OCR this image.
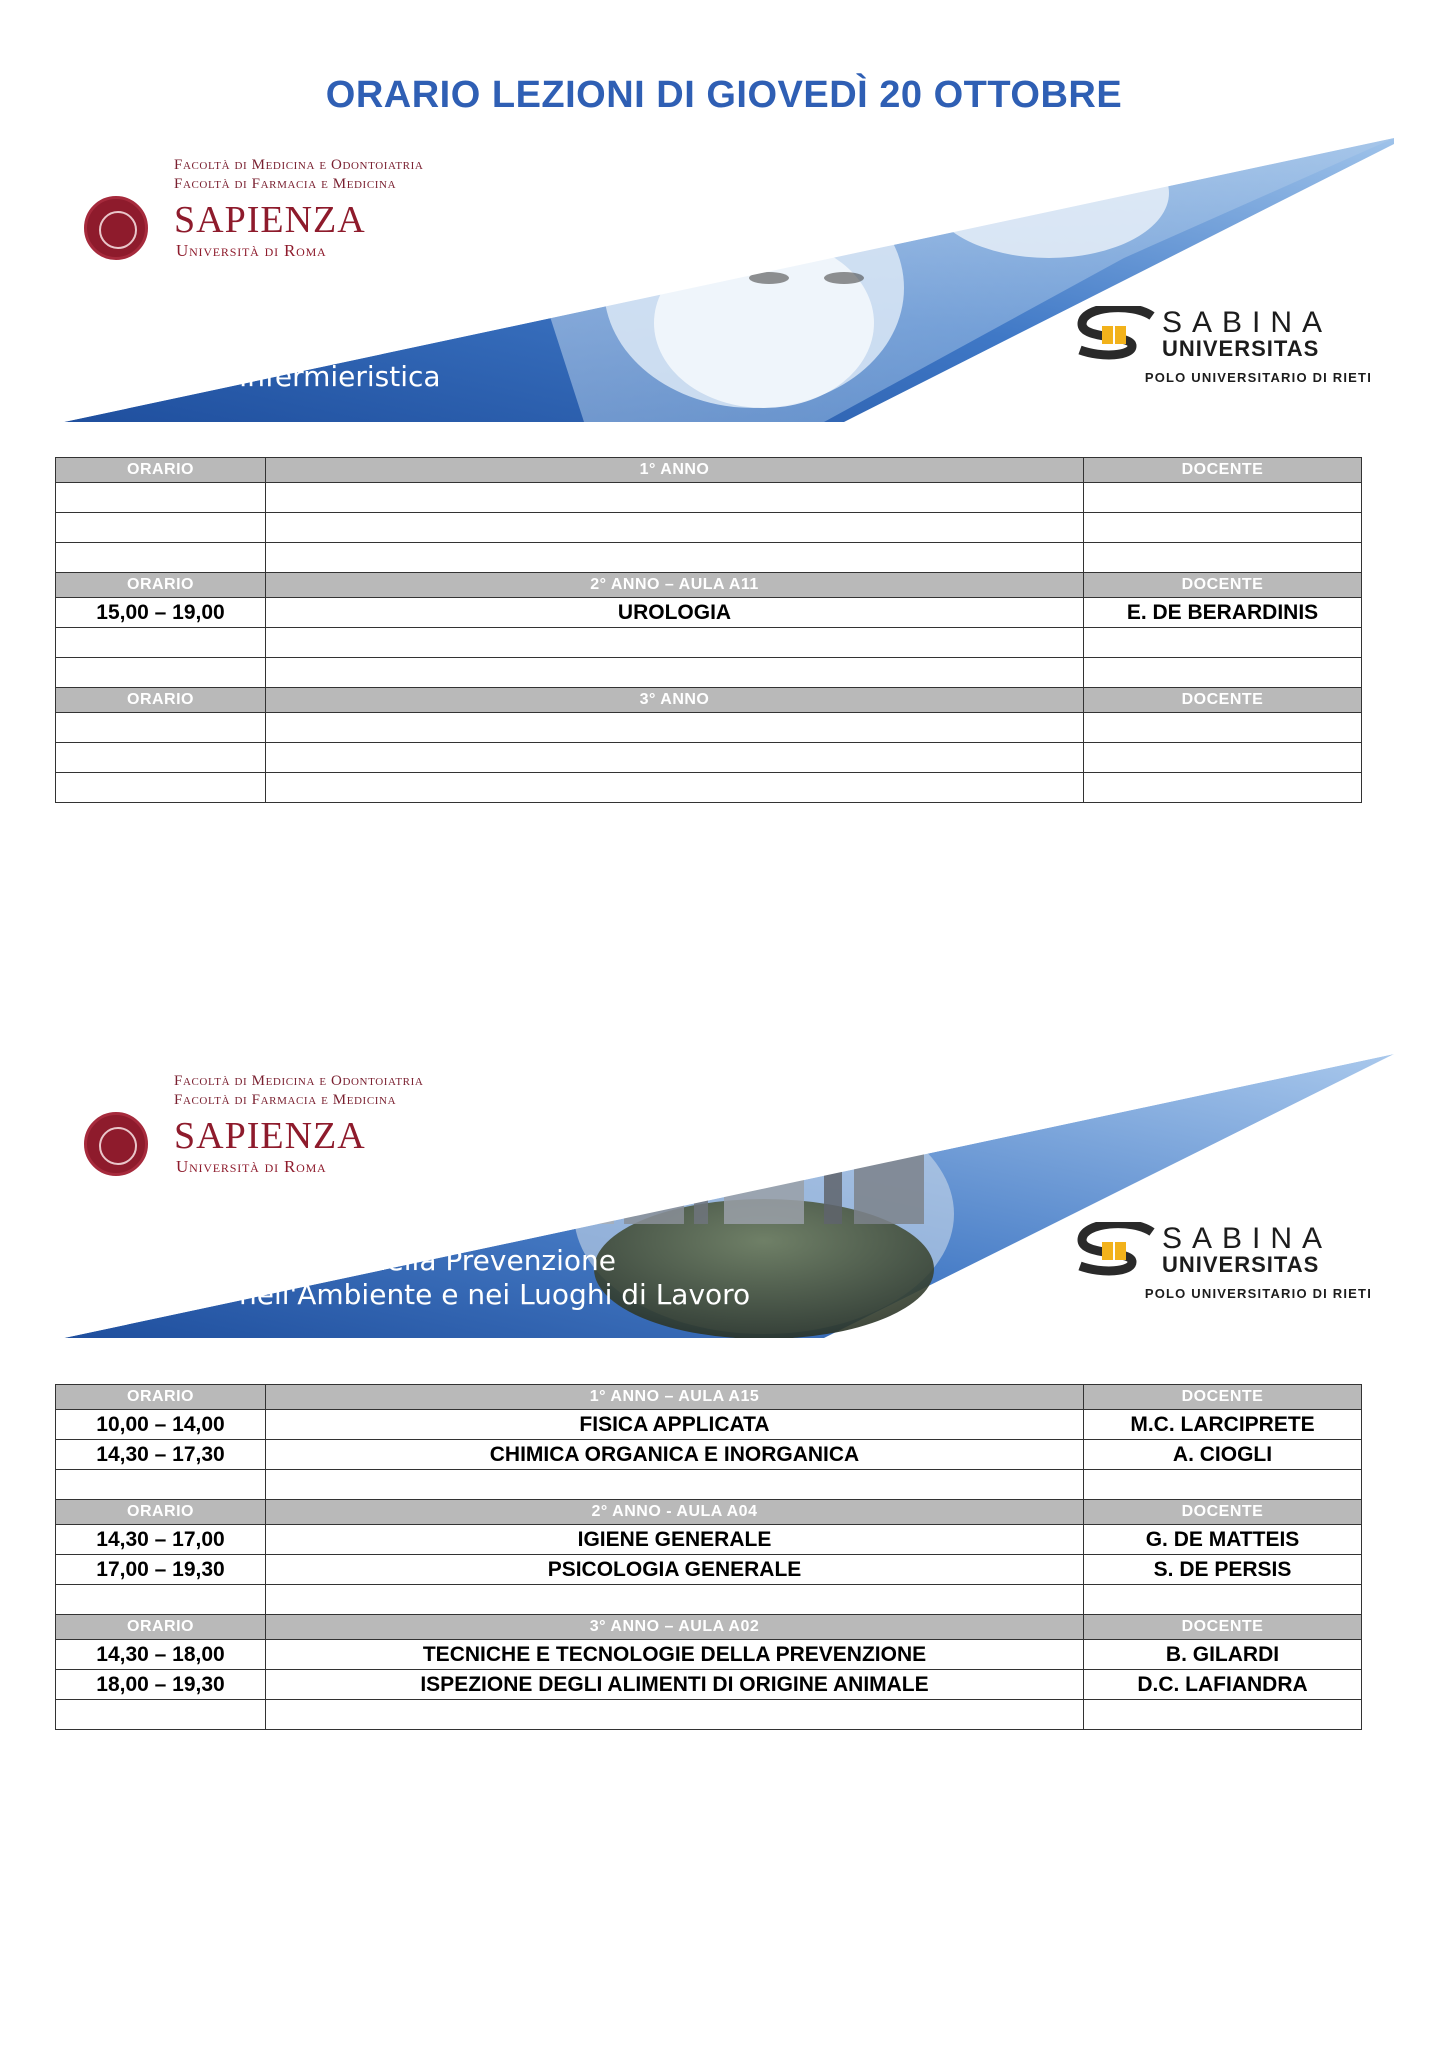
ORARIO LEZIONI DI GIOVEDÌ 20 OTTOBRE
Facoltà di Medicina e Odontoiatria
Facoltà di Farmacia e Medicina
SAPIENZA
Università di Roma
Infermieristica
SABINA
UNIVERSITAS
POLO UNIVERSITARIO DI RIETI
ORARIO	1° ANNO	DOCENTE

ORARIO	2° ANNO – AULA A11	DOCENTE
15,00 – 19,00	UROLOGIA	E. DE BERARDINIS

ORARIO	3° ANNO	DOCENTE

Facoltà di Medicina e Odontoiatria
Facoltà di Farmacia e Medicina
SAPIENZA
Università di Roma
Tecniche della Prevenzione
nell'Ambiente e nei Luoghi di Lavoro
SABINA
UNIVERSITAS
POLO UNIVERSITARIO DI RIETI
ORARIO	1° ANNO – AULA A15	DOCENTE
10,00 – 14,00	FISICA APPLICATA	M.C. LARCIPRETE
14,30 – 17,30	CHIMICA ORGANICA E INORGANICA	A. CIOGLI

ORARIO	2° ANNO - AULA A04	DOCENTE
14,30 – 17,00	IGIENE GENERALE	G. DE MATTEIS
17,00 – 19,30	PSICOLOGIA GENERALE	S. DE PERSIS

ORARIO	3° ANNO – AULA A02	DOCENTE
14,30 – 18,00	TECNICHE E TECNOLOGIE DELLA PREVENZIONE	B. GILARDI
18,00 – 19,30	ISPEZIONE DEGLI ALIMENTI DI ORIGINE ANIMALE	D.C. LAFIANDRA
